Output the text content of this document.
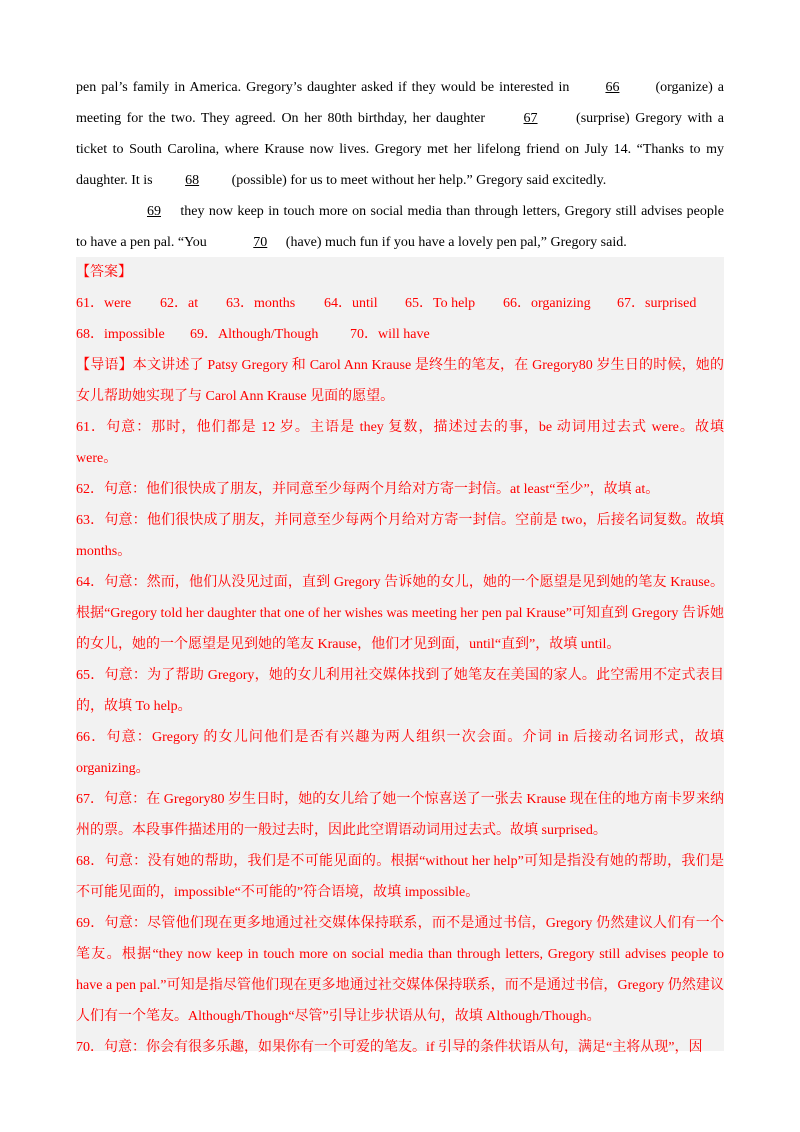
pen pal’s family in America. Gregory’s daughter asked if they would be interested in 66 (organize) a meeting for the two. They agreed. On her 80th birthday, her daughter 67 (surprise) Gregory with a ticket to South Carolina, where Krause now lives. Gregory met her lifelong friend on July 14. “Thanks to my daughter. It is 68 (possible) for us to meet without her help.” Gregory said excitedly.

69 they now keep in touch more on social media than through letters, Gregory still advises people to have a pen pal. “You	70 (have) much fun if you have a lovely pen pal,” Gregory said.

【答案】

61．were 62．at 63．months 64．until 65．To help 66．organizing 67．surprised

68．impossible 69．Although/Though 70．will have

【导语】本文讲述了 Patsy Gregory 和 Carol Ann Krause 是终生的笔友，在 Gregory80 岁生日的时候，她的女儿帮助她实现了与 Carol Ann Krause 见面的愿望。

61．句意：那时，他们都是 12 岁。主语是 they 复数，描述过去的事，be 动词用过去式 were。故填 were。

62．句意：他们很快成了朋友，并同意至少每两个月给对方寄一封信。at least“至少”，故填 at。

63．句意：他们很快成了朋友，并同意至少每两个月给对方寄一封信。空前是 two，后接名词复数。故填 months。

64．句意：然而，他们从没见过面，直到 Gregory 告诉她的女儿，她的一个愿望是见到她的笔友 Krause。根据“Gregory told her daughter that one of her wishes was meeting her pen pal Krause”可知直到 Gregory 告诉她的女儿，她的一个愿望是见到她的笔友 Krause，他们才见到面，until“直到”，故填 until。

65．句意：为了帮助 Gregory，她的女儿利用社交媒体找到了她笔友在美国的家人。此空需用不定式表目的，故填 To help。

66．句意：Gregory 的女儿问他们是否有兴趣为两人组织一次会面。介词 in 后接动名词形式，故填 organizing。

67．句意：在 Gregory80 岁生日时，她的女儿给了她一个惊喜送了一张去 Krause 现在住的地方南卡罗来纳州的票。本段事件描述用的一般过去时，因此此空谓语动词用过去式。故填 surprised。

68．句意：没有她的帮助，我们是不可能见面的。根据“without her help”可知是指没有她的帮助，我们是不可能见面的，impossible“不可能的”符合语境，故填 impossible。

69．句意：尽管他们现在更多地通过社交媒体保持联系，而不是通过书信，Gregory 仍然建议人们有一个笔友。根据“they now keep in touch more on social media than through letters, Gregory still advises people to have a pen pal.”可知是指尽管他们现在更多地通过社交媒体保持联系，而不是通过书信，Gregory 仍然建议人们有一个笔友。Although/Though“尽管”引导让步状语从句，故填 Although/Though。

70．句意：你会有很多乐趣，如果你有一个可爱的笔友。if 引导的条件状语从句，满足“主将从现”，因
